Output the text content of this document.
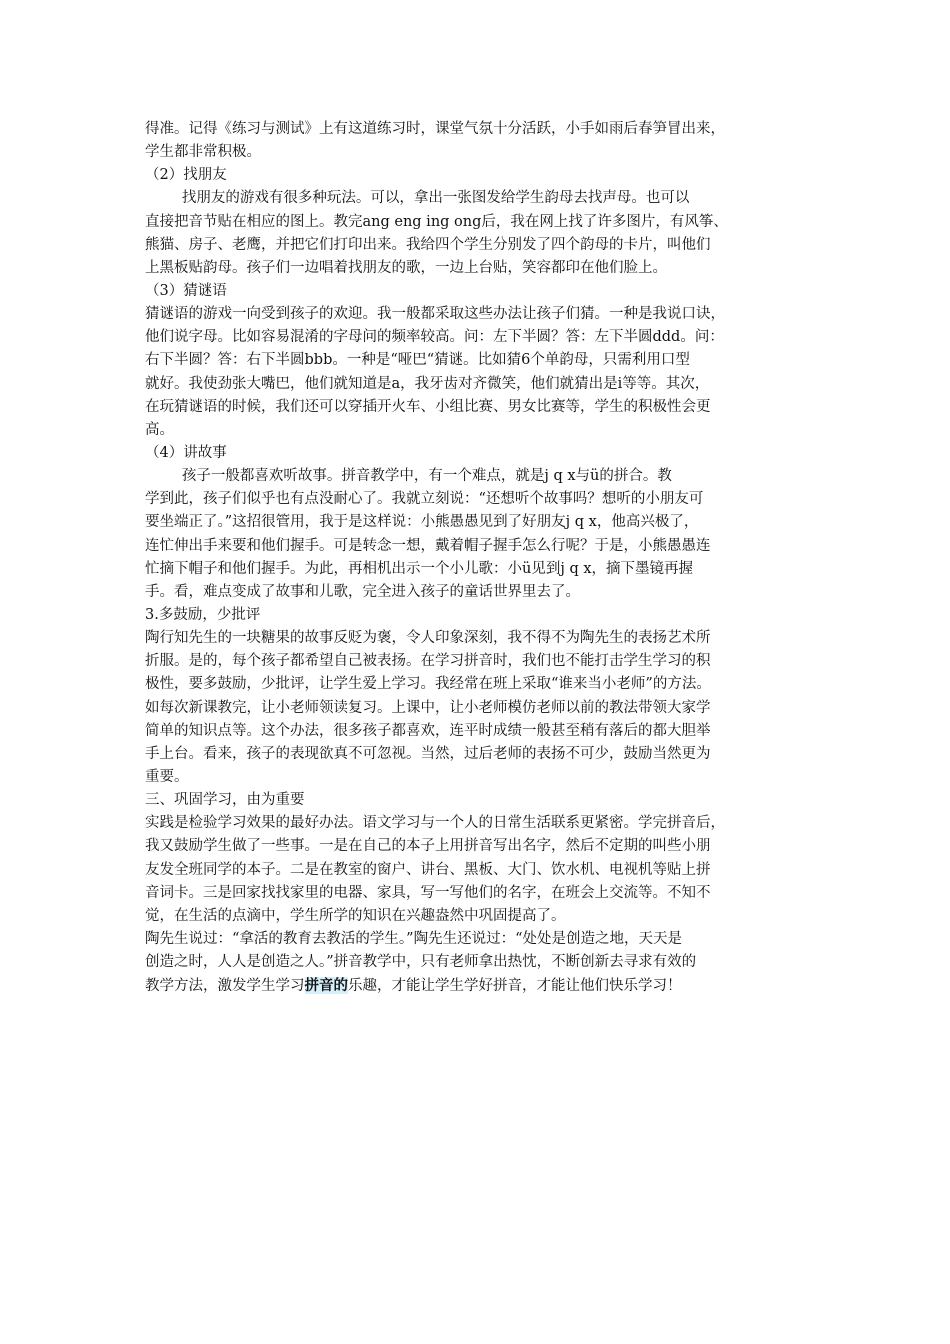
得准。记得《练习与测试》上有这道练习时，课堂气氛十分活跃，小手如雨后春笋冒出来，
学生都非常积极。
（2）找朋友
找朋友的游戏有很多种玩法。可以，拿出一张图发给学生韵母去找声母。也可以
直接把音节贴在相应的图上。教完ang eng ing ong后，我在网上找了许多图片，有风筝、
熊猫、房子、老鹰，并把它们打印出来。我给四个学生分别发了四个韵母的卡片，叫他们
上黑板贴韵母。孩子们一边唱着找朋友的歌，一边上台贴，笑容都印在他们脸上。
（3）猜谜语
猜谜语的游戏一向受到孩子的欢迎。我一般都采取这些办法让孩子们猜。一种是我说口诀，
他们说字母。比如容易混淆的字母问的频率较高。问：左下半圆？答：左下半圆ddd。问：
右下半圆？答：右下半圆bbb。一种是“哑巴“猜谜。比如猜6个单韵母，只需利用口型
就好。我使劲张大嘴巴，他们就知道是a，我牙齿对齐微笑，他们就猜出是i等等。其次，
在玩猜谜语的时候，我们还可以穿插开火车、小组比赛、男女比赛等，学生的积极性会更
高。
（4）讲故事
孩子一般都喜欢听故事。拼音教学中，有一个难点，就是j q x与ü的拼合。教
学到此，孩子们似乎也有点没耐心了。我就立刻说：“还想听个故事吗？想听的小朋友可
要坐端正了。”这招很管用，我于是这样说：小熊愚愚见到了好朋友j q x，他高兴极了，
连忙伸出手来要和他们握手。可是转念一想，戴着帽子握手怎么行呢？于是，小熊愚愚连
忙摘下帽子和他们握手。为此，再相机出示一个小儿歌：小ü见到j q x，摘下墨镜再握
手。看，难点变成了故事和儿歌，完全进入孩子的童话世界里去了。
3.多鼓励，少批评
陶行知先生的一块糖果的故事反贬为褒，令人印象深刻，我不得不为陶先生的表扬艺术所
折服。是的，每个孩子都希望自己被表扬。在学习拼音时，我们也不能打击学生学习的积
极性，要多鼓励，少批评，让学生爱上学习。我经常在班上采取“谁来当小老师”的方法。
如每次新课教完，让小老师领读复习。上课中，让小老师模仿老师以前的教法带领大家学
简单的知识点等。这个办法，很多孩子都喜欢，连平时成绩一般甚至稍有落后的都大胆举
手上台。看来，孩子的表现欲真不可忽视。当然，过后老师的表扬不可少，鼓励当然更为
重要。
三、巩固学习，由为重要
实践是检验学习效果的最好办法。语文学习与一个人的日常生活联系更紧密。学完拼音后，
我又鼓励学生做了一些事。一是在自己的本子上用拼音写出名字，然后不定期的叫些小朋
友发全班同学的本子。二是在教室的窗户、讲台、黑板、大门、饮水机、电视机等贴上拼
音词卡。三是回家找找家里的电器、家具，写一写他们的名字，在班会上交流等。不知不
觉，在生活的点滴中，学生所学的知识在兴趣盎然中巩固提高了。
陶先生说过：“拿活的教育去教活的学生。”陶先生还说过：“处处是创造之地，天天是
创造之时，人人是创造之人。”拼音教学中，只有老师拿出热忱，不断创新去寻求有效的
教学方法，激发学生学习拼音的乐趣，才能让学生学好拼音，才能让他们快乐学习！
